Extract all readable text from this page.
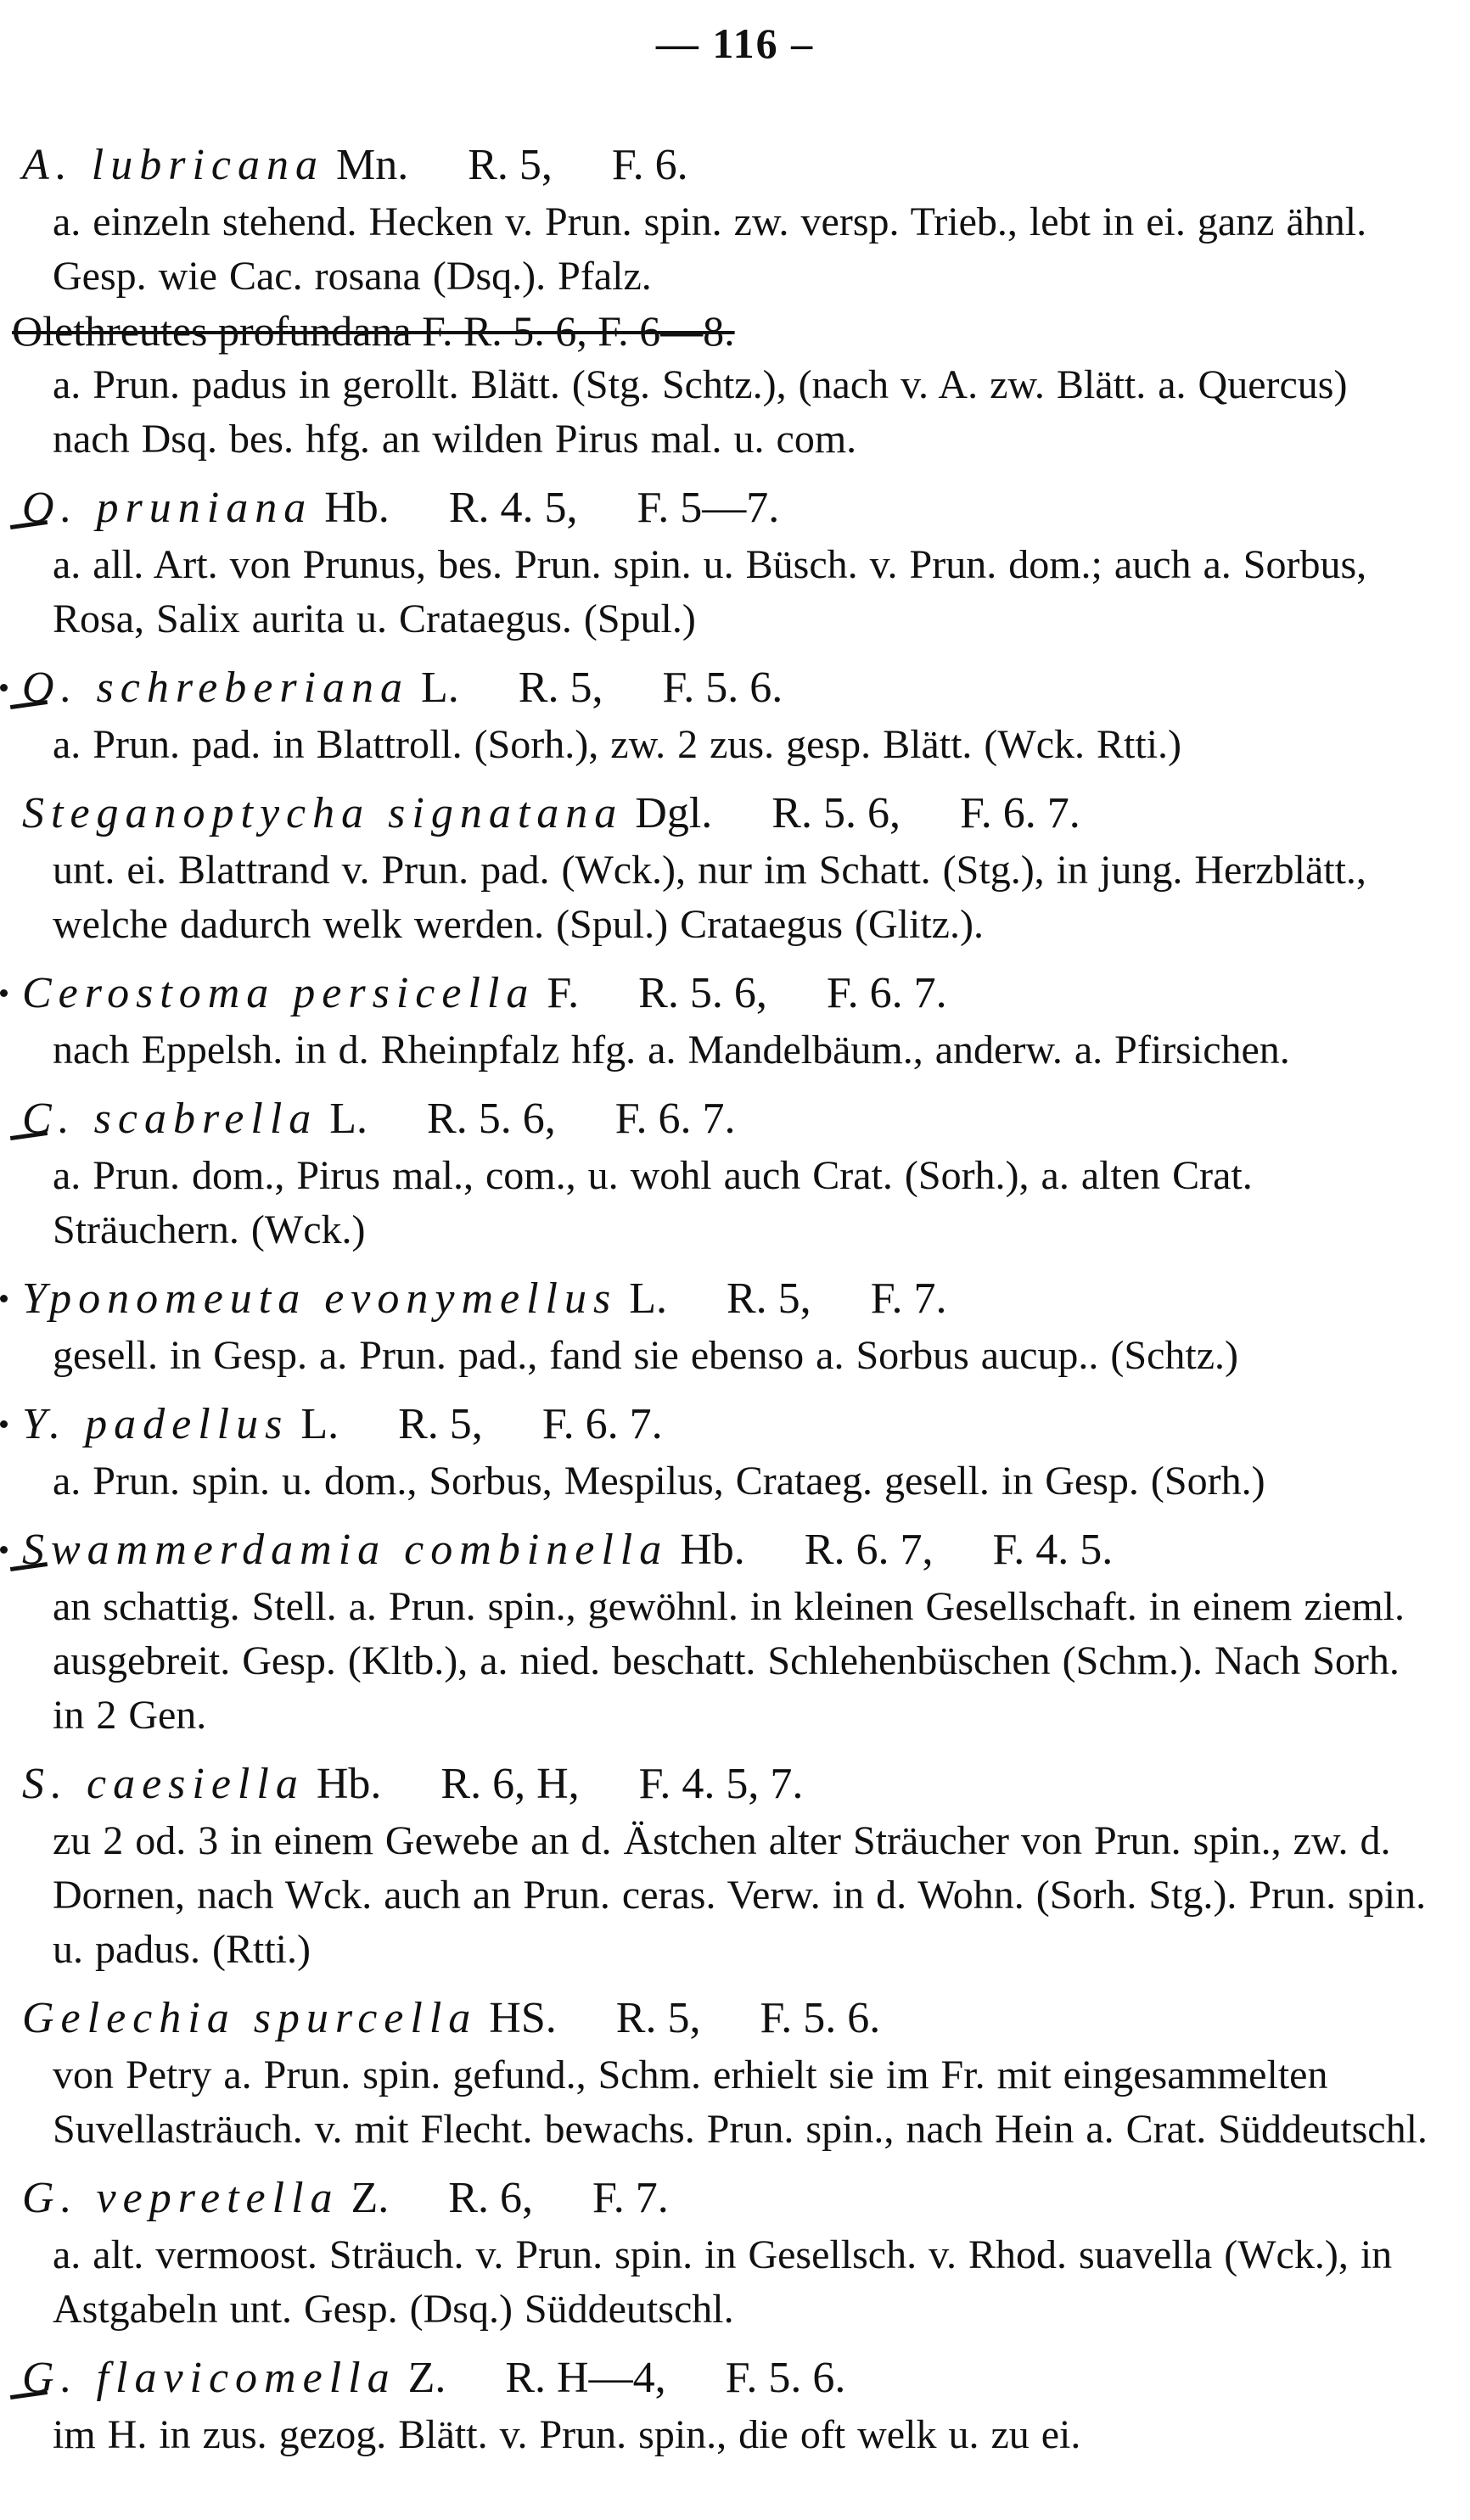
— 116 –
A. lubricana Mn. R. 5, F. 6.
a. einzeln stehend. Hecken v. Prun. spin. zw. versp. Trieb., lebt in ei. ganz ähnl. Gesp. wie Cac. rosana (Dsq.). Pfalz.
Olethreutes profundana F. R. 5. 6, F. 6—8.
a. Prun. padus in gerollt. Blätt. (Stg. Schtz.), (nach v. A. zw. Blätt. a. Quercus) nach Dsq. bes. hfg. an wilden Pirus mal. u. com.
O. pruniana Hb. R. 4. 5, F. 5—7.
a. all. Art. von Prunus, bes. Prun. spin. u. Büsch. v. Prun. dom.; auch a. Sorbus, Rosa, Salix aurita u. Crataegus. (Spul.)
O. schreberiana L. R. 5, F. 5. 6.
a. Prun. pad. in Blattroll. (Sorh.), zw. 2 zus. gesp. Blätt. (Wck. Rtti.)
Steganoptycha signatana Dgl. R. 5. 6, F. 6. 7.
unt. ei. Blattrand v. Prun. pad. (Wck.), nur im Schatt. (Stg.), in jung. Herzblätt., welche dadurch welk werden. (Spul.) Crataegus (Glitz.).
Cerostoma persicella F. R. 5. 6, F. 6. 7.
nach Eppelsh. in d. Rheinpfalz hfg. a. Mandelbäum., anderw. a. Pfirsichen.
C. scabrella L. R. 5. 6, F. 6. 7.
a. Prun. dom., Pirus mal., com., u. wohl auch Crat. (Sorh.), a. alten Crat. Sträuchern. (Wck.)
Yponomeuta evonymellus L. R. 5, F. 7.
gesell. in Gesp. a. Prun. pad., fand sie ebenso a. Sorbus aucup.. (Schtz.)
Y. padellus L. R. 5, F. 6. 7.
a. Prun. spin. u. dom., Sorbus, Mespilus, Crataeg. gesell. in Gesp. (Sorh.)
Swammerdamia combinella Hb. R. 6. 7, F. 4. 5.
an schattig. Stell. a. Prun. spin., gewöhnl. in kleinen Gesellschaft. in einem zieml. ausgebreit. Gesp. (Kltb.), a. nied. beschatt. Schlehenbüschen (Schm.). Nach Sorh. in 2 Gen.
S. caesiella Hb. R. 6, H, F. 4. 5, 7.
zu 2 od. 3 in einem Gewebe an d. Ästchen alter Sträucher von Prun. spin., zw. d. Dornen, nach Wck. auch an Prun. ceras. Verw. in d. Wohn. (Sorh. Stg.). Prun. spin. u. padus. (Rtti.)
Gelechia spurcella HS. R. 5, F. 5. 6.
von Petry a. Prun. spin. gefund., Schm. erhielt sie im Fr. mit eingesammelten Suvellasträuch. v. mit Flecht. bewachs. Prun. spin., nach Hein a. Crat. Süddeutschl.
G. vepretella Z. R. 6, F. 7.
a. alt. vermoost. Sträuch. v. Prun. spin. in Gesellsch. v. Rhod. suavella (Wck.), in Astgabeln unt. Gesp. (Dsq.) Süddeutschl.
G. flavicomella Z. R. H—4, F. 5. 6.
im H. in zus. gezog. Blätt. v. Prun. spin., die oft welk u. zu ei.
